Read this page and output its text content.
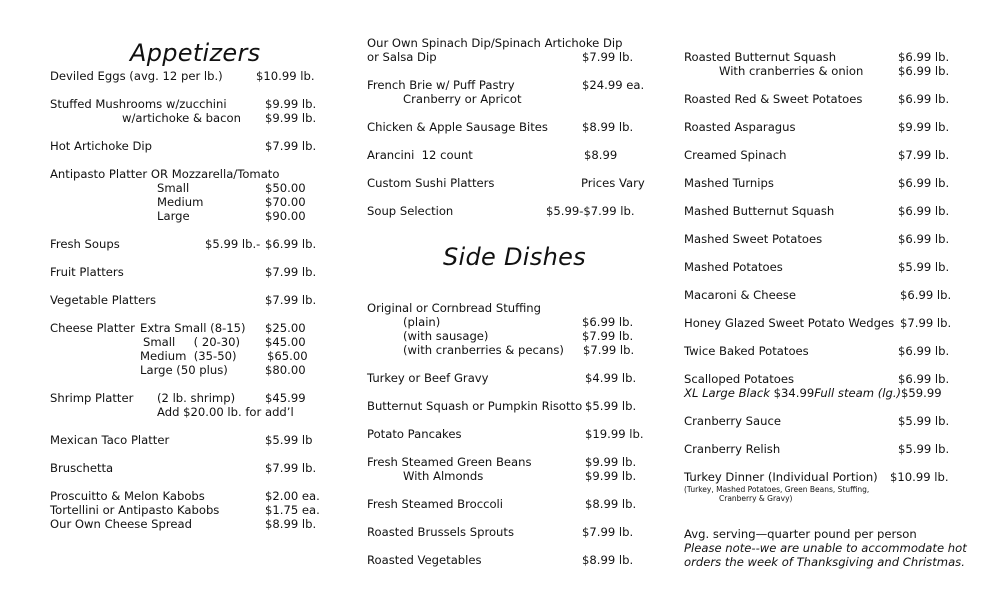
Appetizers
Deviled Eggs (avg. 12 per lb.)	$10.99 lb.
Stuffed Mushrooms w/zucchini	$9.99 lb.
w/artichoke & bacon $9.99 lb.
Hot Artichoke Dip	$7.99 lb.
Antipasto Platter OR Mozzarella/Tomato
Small	$50.00
Medium	$70.00
Large	$90.00
Fresh Soups	$5.99 lb.- $6.99 lb.
Fruit Platters	$7.99 lb.
Vegetable Platters	$7.99 lb.
Cheese Platter Extra Small (8-15) $25.00
Small     ( 20-30) $45.00
Medium  (35-50)	$65.00
Large (50 plus)	$80.00
Shrimp Platter (2 lb. shrimp)	$45.99
Add $20.00 lb. for add’l
Mexican Taco Platter	$5.99 lb
Bruschetta	$7.99 lb.
Proscuitto & Melon Kabobs	$2.00 ea.
Tortellini or Antipasto Kabobs	$1.75 ea.
Our Own Cheese Spread	$8.99 lb.
Our Own Spinach Dip/Spinach Artichoke Dip
or Salsa Dip	$7.99 lb.
French Brie w/ Puff Pastry	$24.99 ea.
Cranberry or Apricot
Chicken & Apple Sausage Bites	$8.99 lb.
Arancini  12 count	$8.99
Custom Sushi Platters	Prices Vary
Soup Selection	$5.99-$7.99 lb.
Side Dishes
Original or Cornbread Stuffing
(plain)	$6.99 lb.
(with sausage)	$7.99 lb.
(with cranberries & pecans) $7.99 lb.
Turkey or Beef Gravy	$4.99 lb.
Butternut Squash or Pumpkin Risotto $5.99 lb.
Potato Pancakes	$19.99 lb.
Fresh Steamed Green Beans	$9.99 lb.
With Almonds	$9.99 lb.
Fresh Steamed Broccoli	$8.99 lb.
Roasted Brussels Sprouts	$7.99 lb.
Roasted Vegetables	$8.99 lb.
Roasted Butternut Squash	$6.99 lb.
With cranberries & onion	$6.99 lb.
Roasted Red & Sweet Potatoes	$6.99 lb.
Roasted Asparagus	$9.99 lb.
Creamed Spinach	$7.99 lb.
Mashed Turnips	$6.99 lb.
Mashed Butternut Squash	$6.99 lb.
Mashed Sweet Potatoes	$6.99 lb.
Mashed Potatoes	$5.99 lb.
Macaroni & Cheese	$6.99 lb.
Honey Glazed Sweet Potato Wedges $7.99 lb.
Twice Baked Potatoes	$6.99 lb.
Scalloped Potatoes	$6.99 lb.
XL Large Black $34.99Full steam (lg.)$59.99
Cranberry Sauce	$5.99 lb.
Cranberry Relish	$5.99 lb.
Turkey Dinner (Individual Portion) $10.99 lb.
(Turkey, Mashed Potatoes, Green Beans, Stuffing,
Cranberry & Gravy)
Avg. serving—quarter pound per person
Please note--we are unable to accommodate hot
orders the week of Thanksgiving and Christmas.
